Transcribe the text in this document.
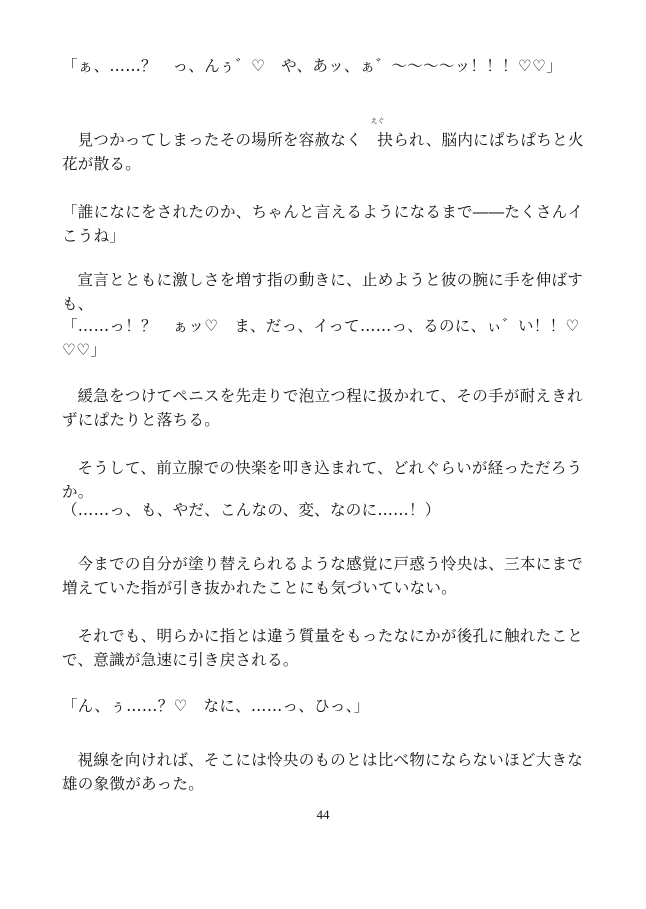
「ぁ、……？　っ、んぅ゛♡　や、あッ、ぁ゛〜〜〜〜ッ！！！♡♡」

見つかってしまったその場所を容赦なく
えぐ
抉られ、脳内にぱちぱちと火花が散る。

「誰になにをされたのか、ちゃんと言えるようになるまで――たくさんイこうね」

宣言とともに激しさを増す指の動きに、止めようと彼の腕に手を伸ばすも、

「……っ！？　ぁッ♡　ま、だっ、イって……っ、るのに、ぃ゛い！！♡♡♡」

緩急をつけてペニスを先走りで泡立つ程に扱かれて、その手が耐えきれずにぱたりと落ちる。

そうして、前立腺での快楽を叩き込まれて、どれぐらいが経っただろうか。

（……っ、も、やだ、こんなの、変、なのに……！）

今までの自分が塗り替えられるような感覚に戸惑う怜央は、三本にまで増えていた指が引き抜かれたことにも気づいていない。

それでも、明らかに指とは違う質量をもったなにかが後孔に触れたことで、意識が急速に引き戻される。

「ん、ぅ……？♡　なに、……っ、ひっ、」

視線を向ければ、そこには怜央のものとは比べ物にならないほど大きな雄の象徴があった。

44
